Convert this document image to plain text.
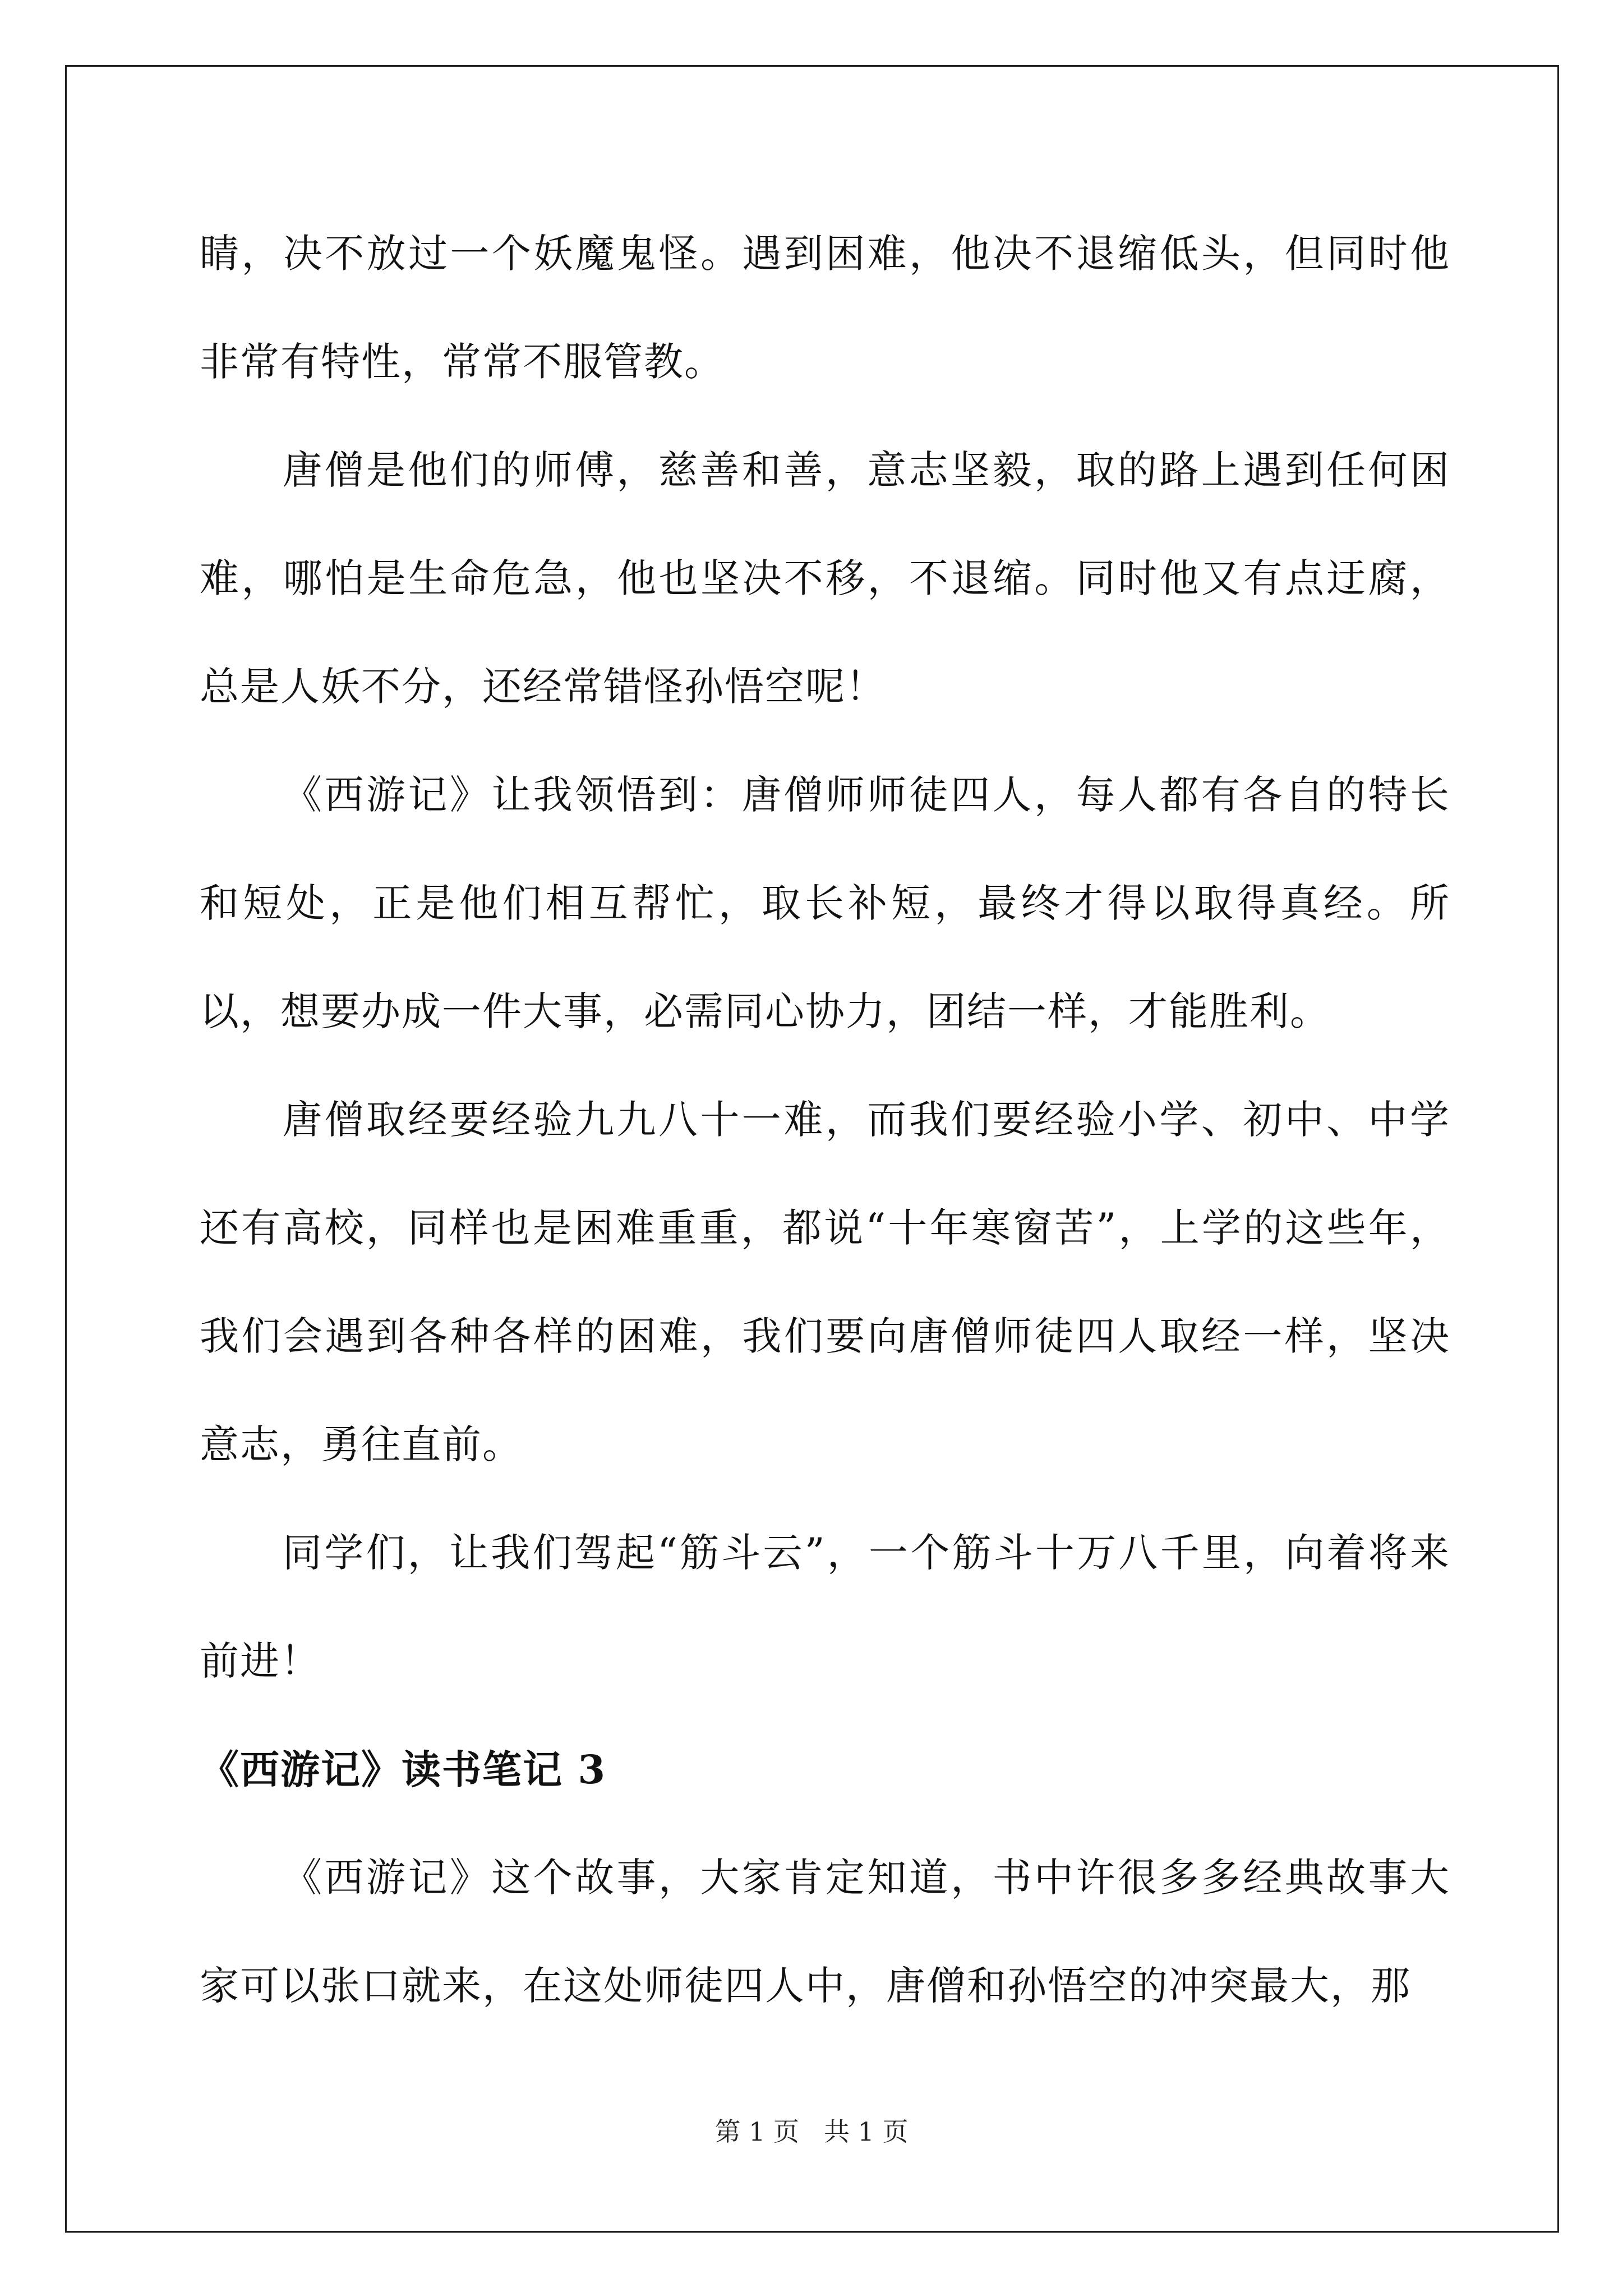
睛，决不放过一个妖魔鬼怪。遇到困难，他决不退缩低头，但同时他非常有特性，常常不服管教。

唐僧是他们的师傅，慈善和善，意志坚毅，取的路上遇到任何困难，哪怕是生命危急，他也坚决不移，不退缩。同时他又有点迂腐，总是人妖不分，还经常错怪孙悟空呢！

《西游记》让我领悟到：唐僧师师徒四人，每人都有各自的特长和短处，正是他们相互帮忙，取长补短，最终才得以取得真经。所以，想要办成一件大事，必需同心协力，团结一样，才能胜利。

唐僧取经要经验九九八十一难，而我们要经验小学、初中、中学还有高校，同样也是困难重重，都说“十年寒窗苦”，上学的这些年，我们会遇到各种各样的困难，我们要向唐僧师徒四人取经一样，坚决意志，勇往直前。

同学们，让我们驾起“筋斗云”，一个筋斗十万八千里，向着将来前进！

《西游记》读书笔记 3

《西游记》这个故事，大家肯定知道，书中许很多多经典故事大家可以张口就来，在这处师徒四人中，唐僧和孙悟空的冲突最大，那

第 1 页 共 1 页
